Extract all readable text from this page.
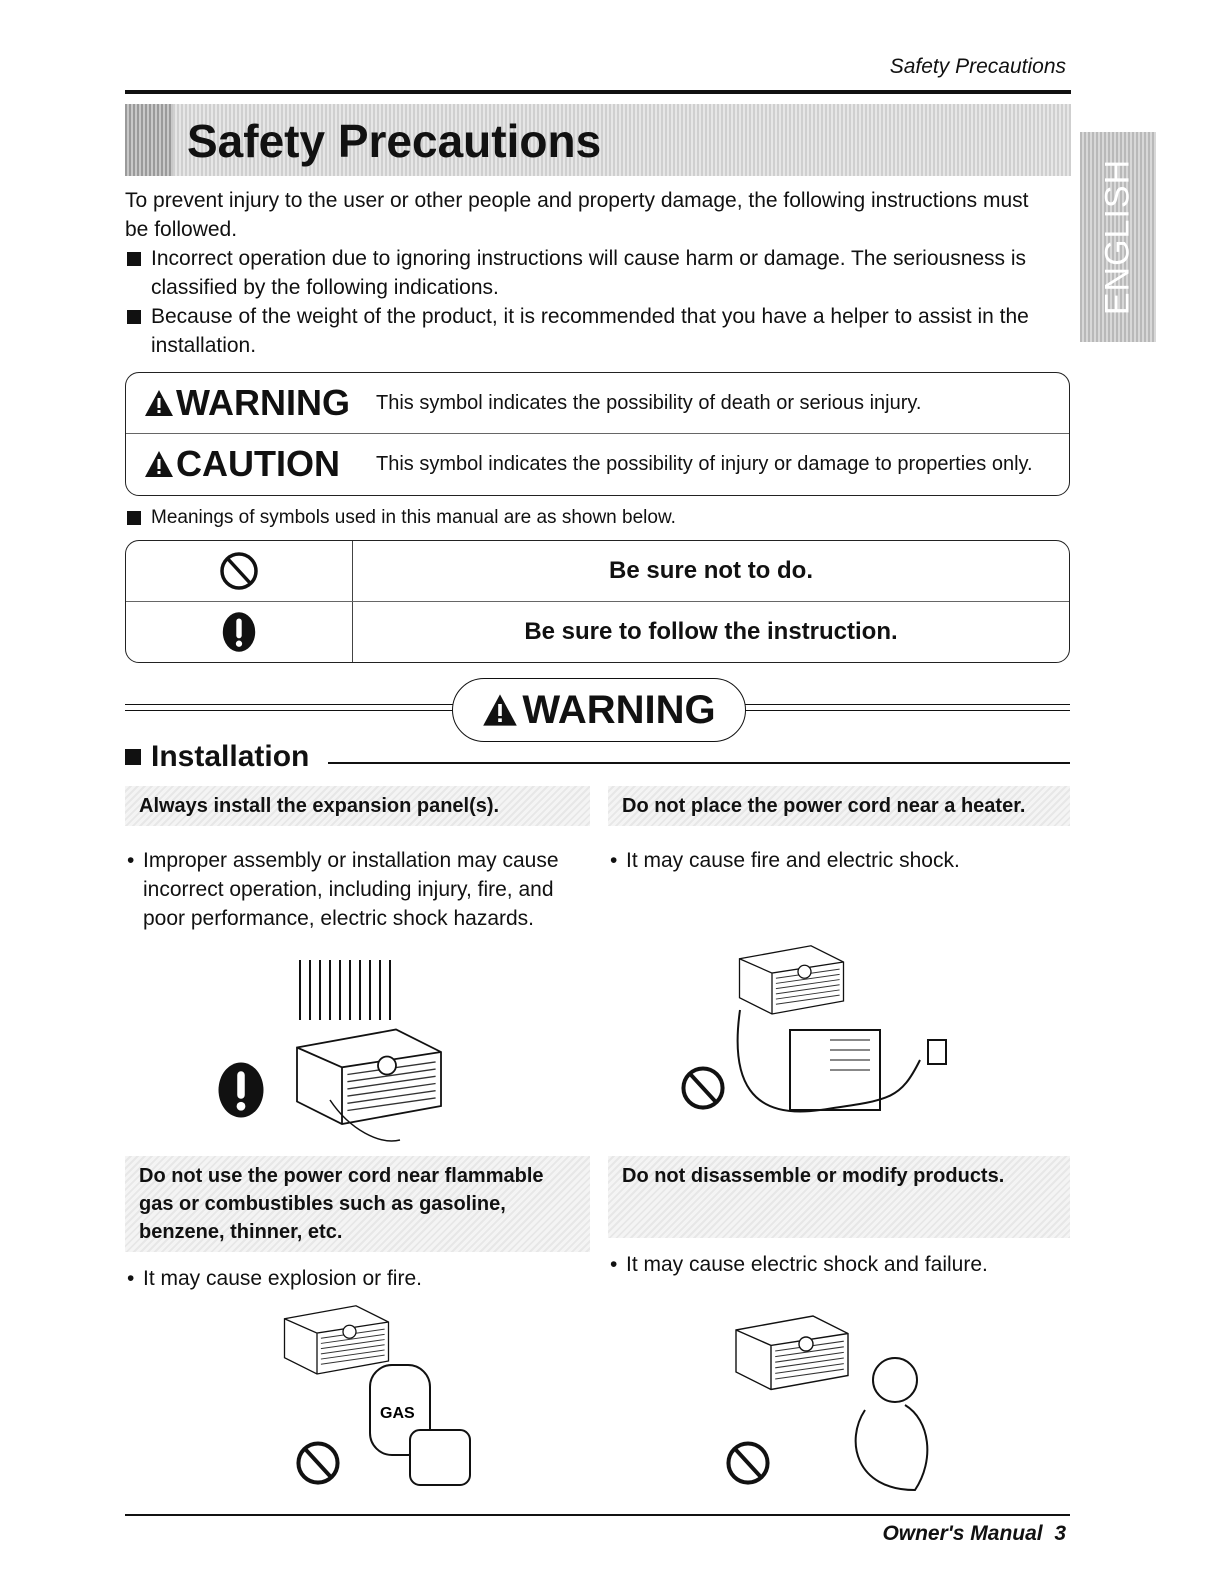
Safety Precautions
Safety Precautions
ENGLISH
To prevent injury to the user or other people and property damage, the following instructions must be followed.
Incorrect operation due to ignoring instructions will cause harm or damage. The seriousness is classified by the following indications.
Because of the weight of the product, it is recommended that you have a helper to assist in the installation.
WARNING This symbol indicates the possibility of death or serious injury.
CAUTION This symbol indicates the possibility of injury or damage to properties only.
Meanings of symbols used in this manual are as shown below.
Be sure not to do.
Be sure to follow the instruction.
WARNING
Installation
Always install the expansion panel(s).
• Improper assembly or installation may cause incorrect operation, including injury, fire, and poor performance, electric shock hazards.
Do not place the power cord near a heater.
• It may cause fire and electric shock.
Do not use the power cord near flammable gas or combustibles such as gasoline, benzene, thinner, etc.
• It may cause explosion or fire.
GAS
Do not disassemble or modify products.
• It may cause electric shock and failure.
Owner's Manual 3
